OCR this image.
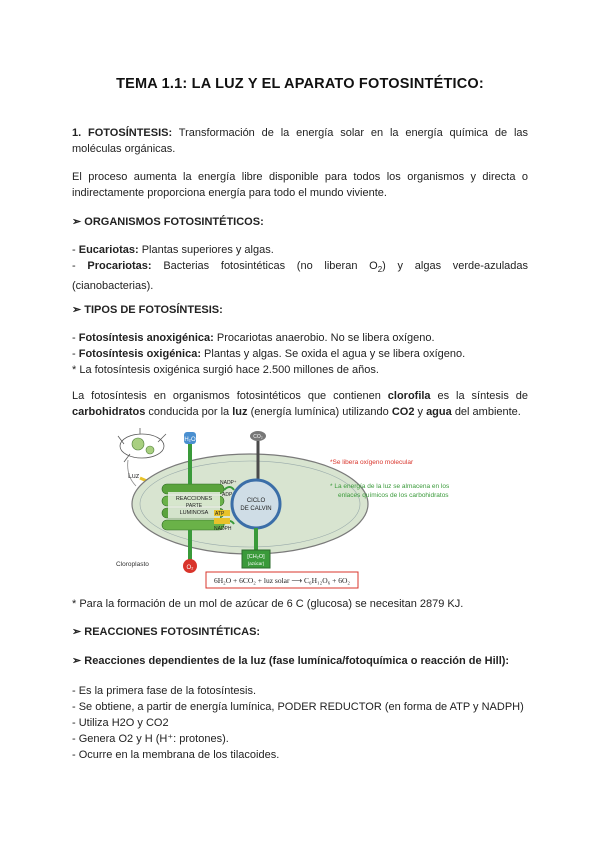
TEMA 1.1: LA LUZ Y EL APARATO FOTOSINTÉTICO:
1. FOTOSÍNTESIS: Transformación de la energía solar en la energía química de las moléculas orgánicas.
El proceso aumenta la energía libre disponible para todos los organismos y directa o indirectamente proporciona energía para todo el mundo viviente.
➢ ORGANISMOS FOTOSINTÉTICOS:
- Eucariotas: Plantas superiores y algas.
- Procariotas: Bacterias fotosintéticas (no liberan $O_2$) y algas verde-azuladas (cianobacterias).
➢ TIPOS DE FOTOSÍNTESIS:
- Fotosíntesis anoxigénica: Procariotas anaerobio. No se libera oxígeno.
- Fotosíntesis oxigénica: Plantas y algas. Se oxida el agua y se libera oxígeno.
* La fotosíntesis oxigénica surgió hace 2.500 millones de años.
La fotosíntesis en organismos fotosintéticos que contienen clorofila es la síntesis de carbohidratos conducida por la luz (energía lumínica) utilizando CO2 y agua del ambiente.
Luz
REACCIONES
PARTE
LUMINOSA
H₂O
O₂
CO₂
CICLO
DE CALVIN
NADP⁺
ADP
ATP
NADPH
[CH₂O]
(azúcar)
Cloroplasto
*Se libera oxígeno molecular
* La energía de la luz se almacena en los
enlaces químicos de los carbohidratos
6H₂O + 6CO₂ + luz solar ⟶ C₆H₁₂O₆ + 6O₂
* Para la formación de un mol de azúcar de 6 C (glucosa) se necesitan 2879 KJ.
➢ REACCIONES FOTOSINTÉTICAS:
➢ Reacciones dependientes de la luz (fase lumínica/fotoquímica o reacción de Hill):
- Es la primera fase de la fotosíntesis.
- Se obtiene, a partir de energía lumínica, PODER REDUCTOR (en forma de ATP y NADPH)
- Utiliza H2O y CO2
- Genera O2 y H (H⁺: protones).
- Ocurre en la membrana de los tilacoides.
